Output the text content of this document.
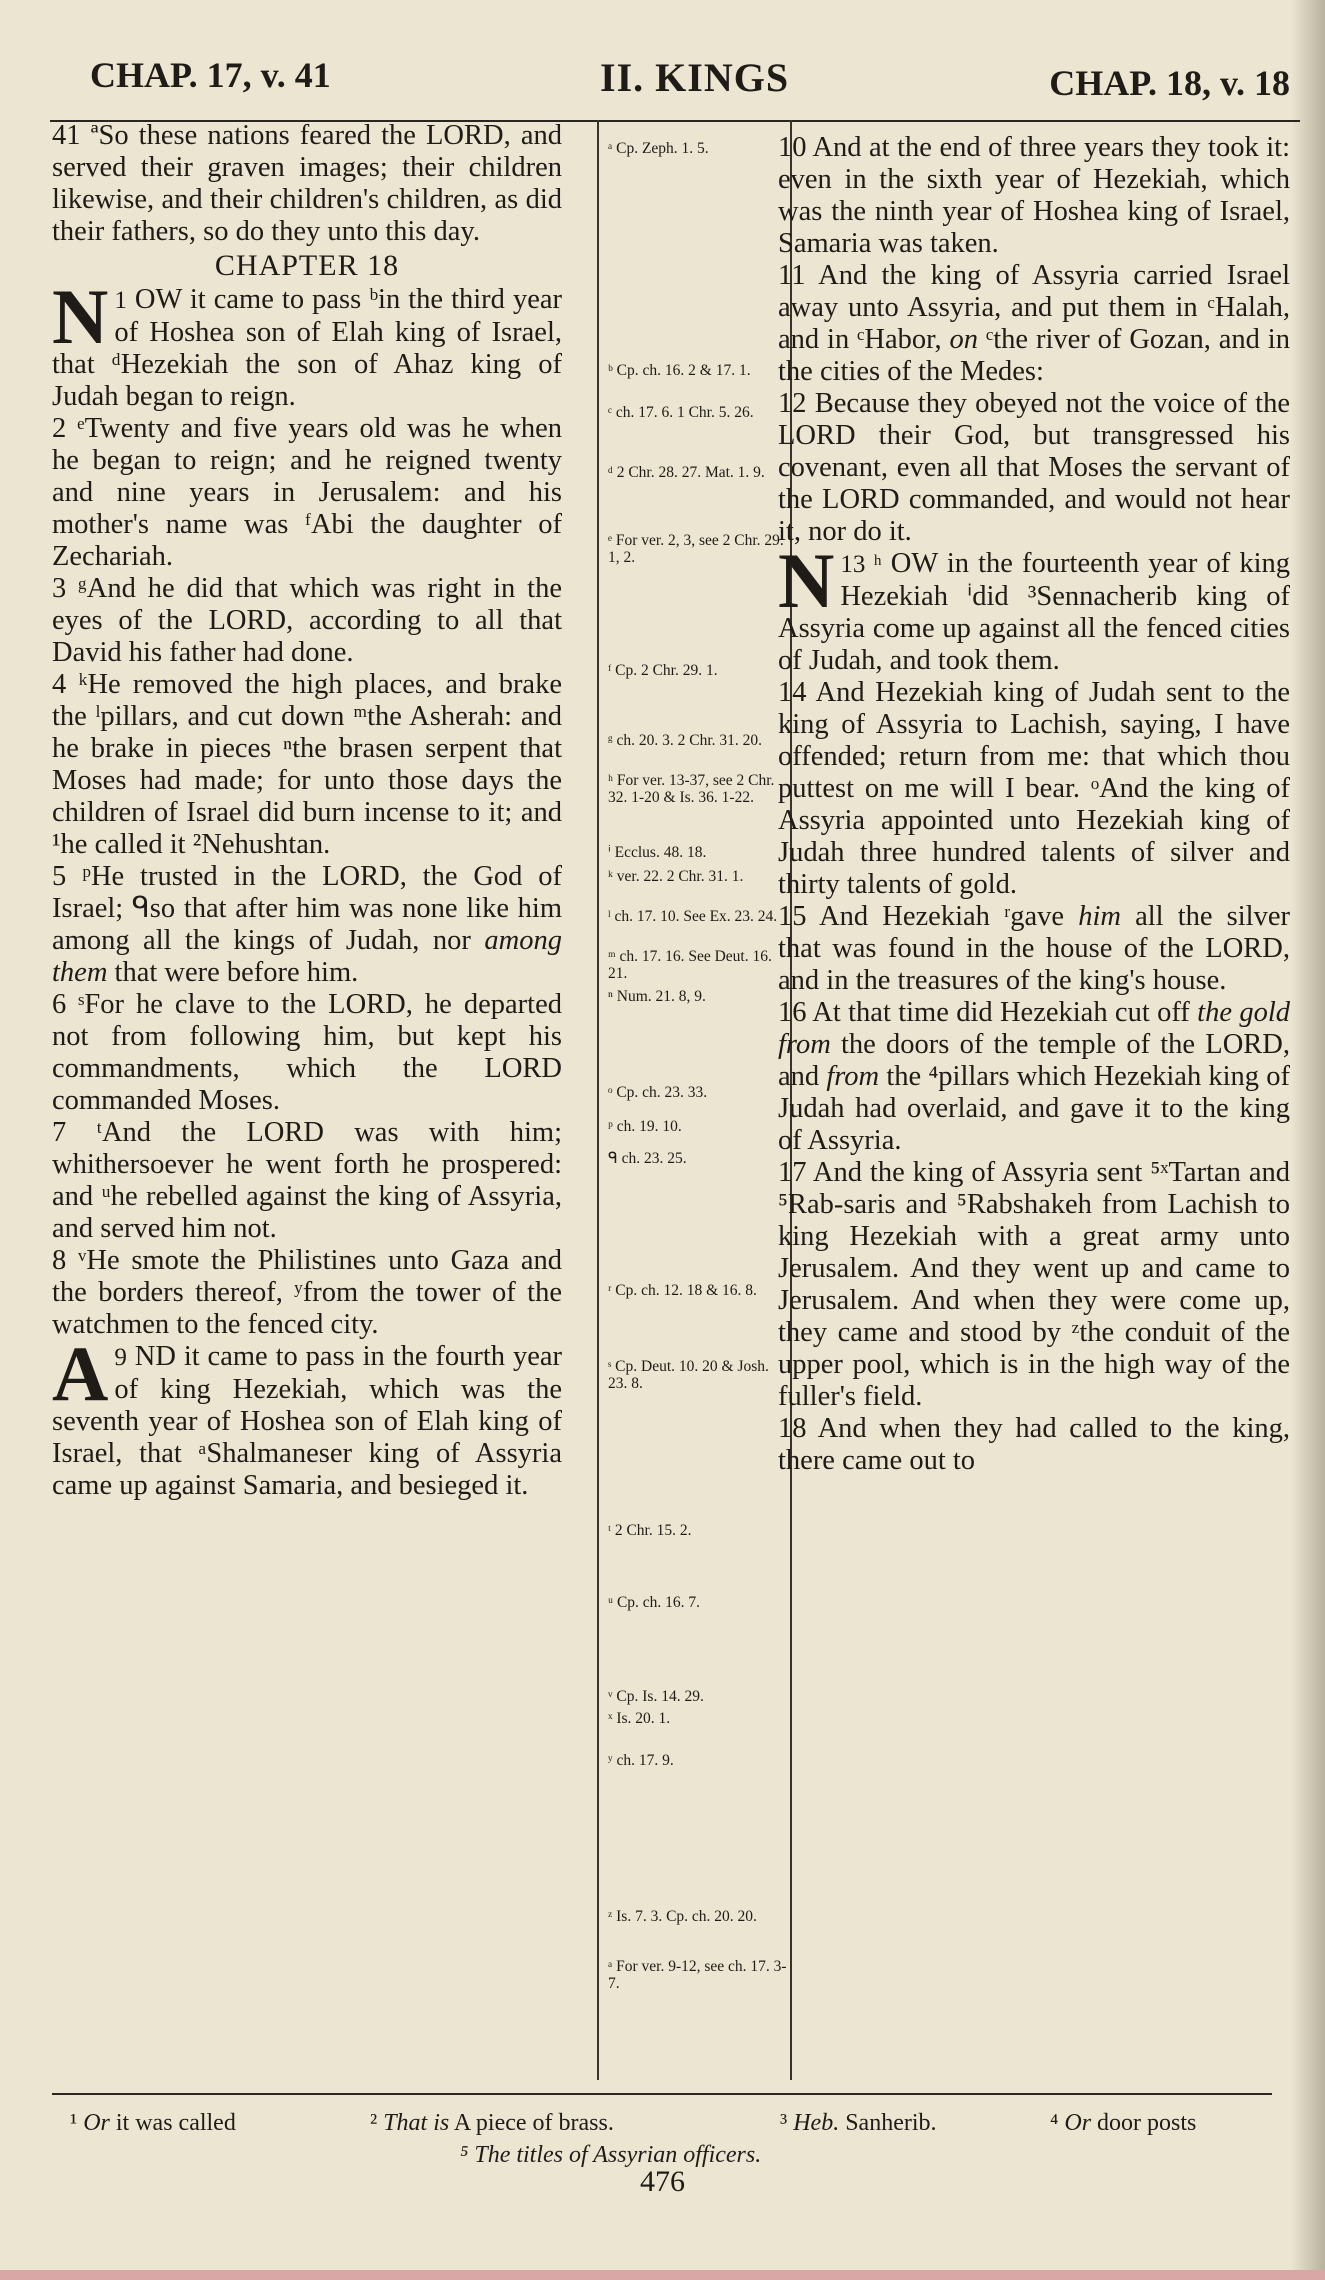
CHAP. 17, v. 41	II. KINGS	CHAP. 18, v. 18

41 ªSo these nations feared the LORD, and served their graven images; their children likewise, and their children's children, as did their fathers, so do they unto this day.

CHAPTER 18

1
N OW it came to pass ᵇin the third year of Hoshea son of Elah king of Israel, that ᵈHezekiah the son of Ahaz king of Judah began to reign.

2 ᵉTwenty and five years old was he when he began to reign; and he reigned twenty and nine years in Jerusalem: and his mother's name was ᶠAbi the daughter of Zechariah.

3 ᵍAnd he did that which was right in the eyes of the LORD, according to all that David his father had done.

4 ᵏHe removed the high places, and brake the ˡpillars, and cut down ᵐthe Asherah: and he brake in pieces ⁿthe brasen serpent that Moses had made; for unto those days the children of Israel did burn incense to it; and ¹he called it ²Nehushtan.

5 ᵖHe trusted in the LORD, the God of Israel; ᑫso that after him was none like him among all the kings of Judah, nor among them that were before him.

6 ˢFor he clave to the LORD, he departed not from following him, but kept his commandments, which the LORD commanded Moses.

7 ᵗAnd the LORD was with him; whithersoever he went forth he prospered: and ᵘhe rebelled against the king of Assyria, and served him not.

8 ᵛHe smote the Philistines unto Gaza and the borders thereof, ʸfrom the tower of the watchmen to the fenced city.

9
A ND it came to pass in the fourth year of king Hezekiah, which was the seventh year of Hoshea son of Elah king of Israel, that ᵃShalmaneser king of Assyria came up against Samaria, and besieged it.

ᵃ Cp. Zeph. 1. 5.
ᵇ Cp. ch. 16. 2 & 17. 1.
ᶜ ch. 17. 6. 1 Chr. 5. 26.
ᵈ 2 Chr. 28. 27. Mat. 1. 9.
ᵉ For ver. 2, 3, see 2 Chr. 29. 1, 2.
ᶠ Cp. 2 Chr. 29. 1.
ᵍ ch. 20. 3. 2 Chr. 31. 20.
ʰ For ver. 13-37, see 2 Chr. 32. 1-20 & Is. 36. 1-22.
ⁱ Ecclus. 48. 18.
ᵏ ver. 22. 2 Chr. 31. 1.
ˡ ch. 17. 10. See Ex. 23. 24.
ᵐ ch. 17. 16. See Deut. 16. 21.
ⁿ Num. 21. 8, 9.
ᵒ Cp. ch. 23. 33.
ᵖ ch. 19. 10.
ᑫ ch. 23. 25.
ʳ Cp. ch. 12. 18 & 16. 8.
ˢ Cp. Deut. 10. 20 & Josh. 23. 8.
ᵗ 2 Chr. 15. 2.
ᵘ Cp. ch. 16. 7.
ᵛ Cp. Is. 14. 29.
ˣ Is. 20. 1.
ʸ ch. 17. 9.
ᶻ Is. 7. 3. Cp. ch. 20. 20.
ᵃ For ver. 9-12, see ch. 17. 3-7.

10 And at the end of three years they took it: even in the sixth year of Hezekiah, which was the ninth year of Hoshea king of Israel, Samaria was taken.

11 And the king of Assyria carried Israel away unto Assyria, and put them in ᶜHalah, and in ᶜHabor, on ᶜthe river of Gozan, and in the cities of the Medes:

12 Because they obeyed not the voice of the LORD their God, but transgressed his covenant, even all that Moses the servant of the LORD commanded, and would not hear it, nor do it.

13 ʰ
N OW in the fourteenth year of king Hezekiah ⁱdid ³Sennacherib king of Assyria come up against all the fenced cities of Judah, and took them.

14 And Hezekiah king of Judah sent to the king of Assyria to Lachish, saying, I have offended; return from me: that which thou puttest on me will I bear. ᵒAnd the king of Assyria appointed unto Hezekiah king of Judah three hundred talents of silver and thirty talents of gold.

15 And Hezekiah ʳgave him all the silver that was found in the house of the LORD, and in the treasures of the king's house.

16 At that time did Hezekiah cut off the gold from the doors of the temple of the LORD, and from the ⁴pillars which Hezekiah king of Judah had overlaid, and gave it to the king of Assyria.

17 And the king of Assyria sent ⁵ˣTartan and ⁵Rab-saris and ⁵Rabshakeh from Lachish to king Hezekiah with a great army unto Jerusalem. And they went up and came to Jerusalem. And when they were come up, they came and stood by ᶻthe conduit of the upper pool, which is in the high way of the fuller's field.

18 And when they had called to the king, there came out to

¹ Or it was called	² That is A piece of brass.	³ Heb. Sanherib.	⁴ Or door posts
⁵ The titles of Assyrian officers.
476
